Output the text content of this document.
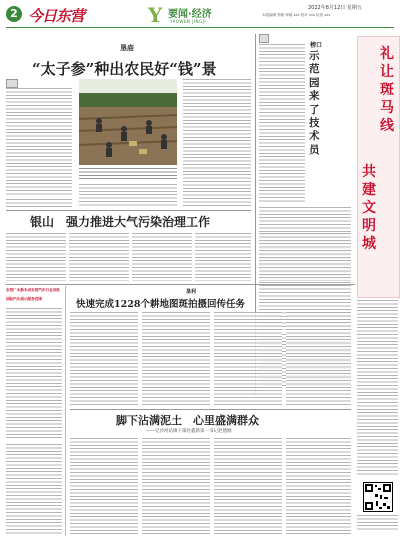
2 今日东营	Y 要闻·经济
YAOWEN JINGJI
2022年8月12日 星期五
本版编辑 郑敏 审稿 xxx 校对 xxx 检查 xxx
垦庙
“太子参”种出农民好“钱”景
榜口
示范园来了技术员
礼让斑马线
共建文明城
银山　强力推进大气污染治理工作
东营广本新车成东营汽车行业首批
国际汽车展示服务范围
垦利
快速完成1228个耕地图斑拍摄回传任务
脚下沾满泥土　心里盛满群众
——记沙河站镇干部付鑫新第一书记赵德刚
